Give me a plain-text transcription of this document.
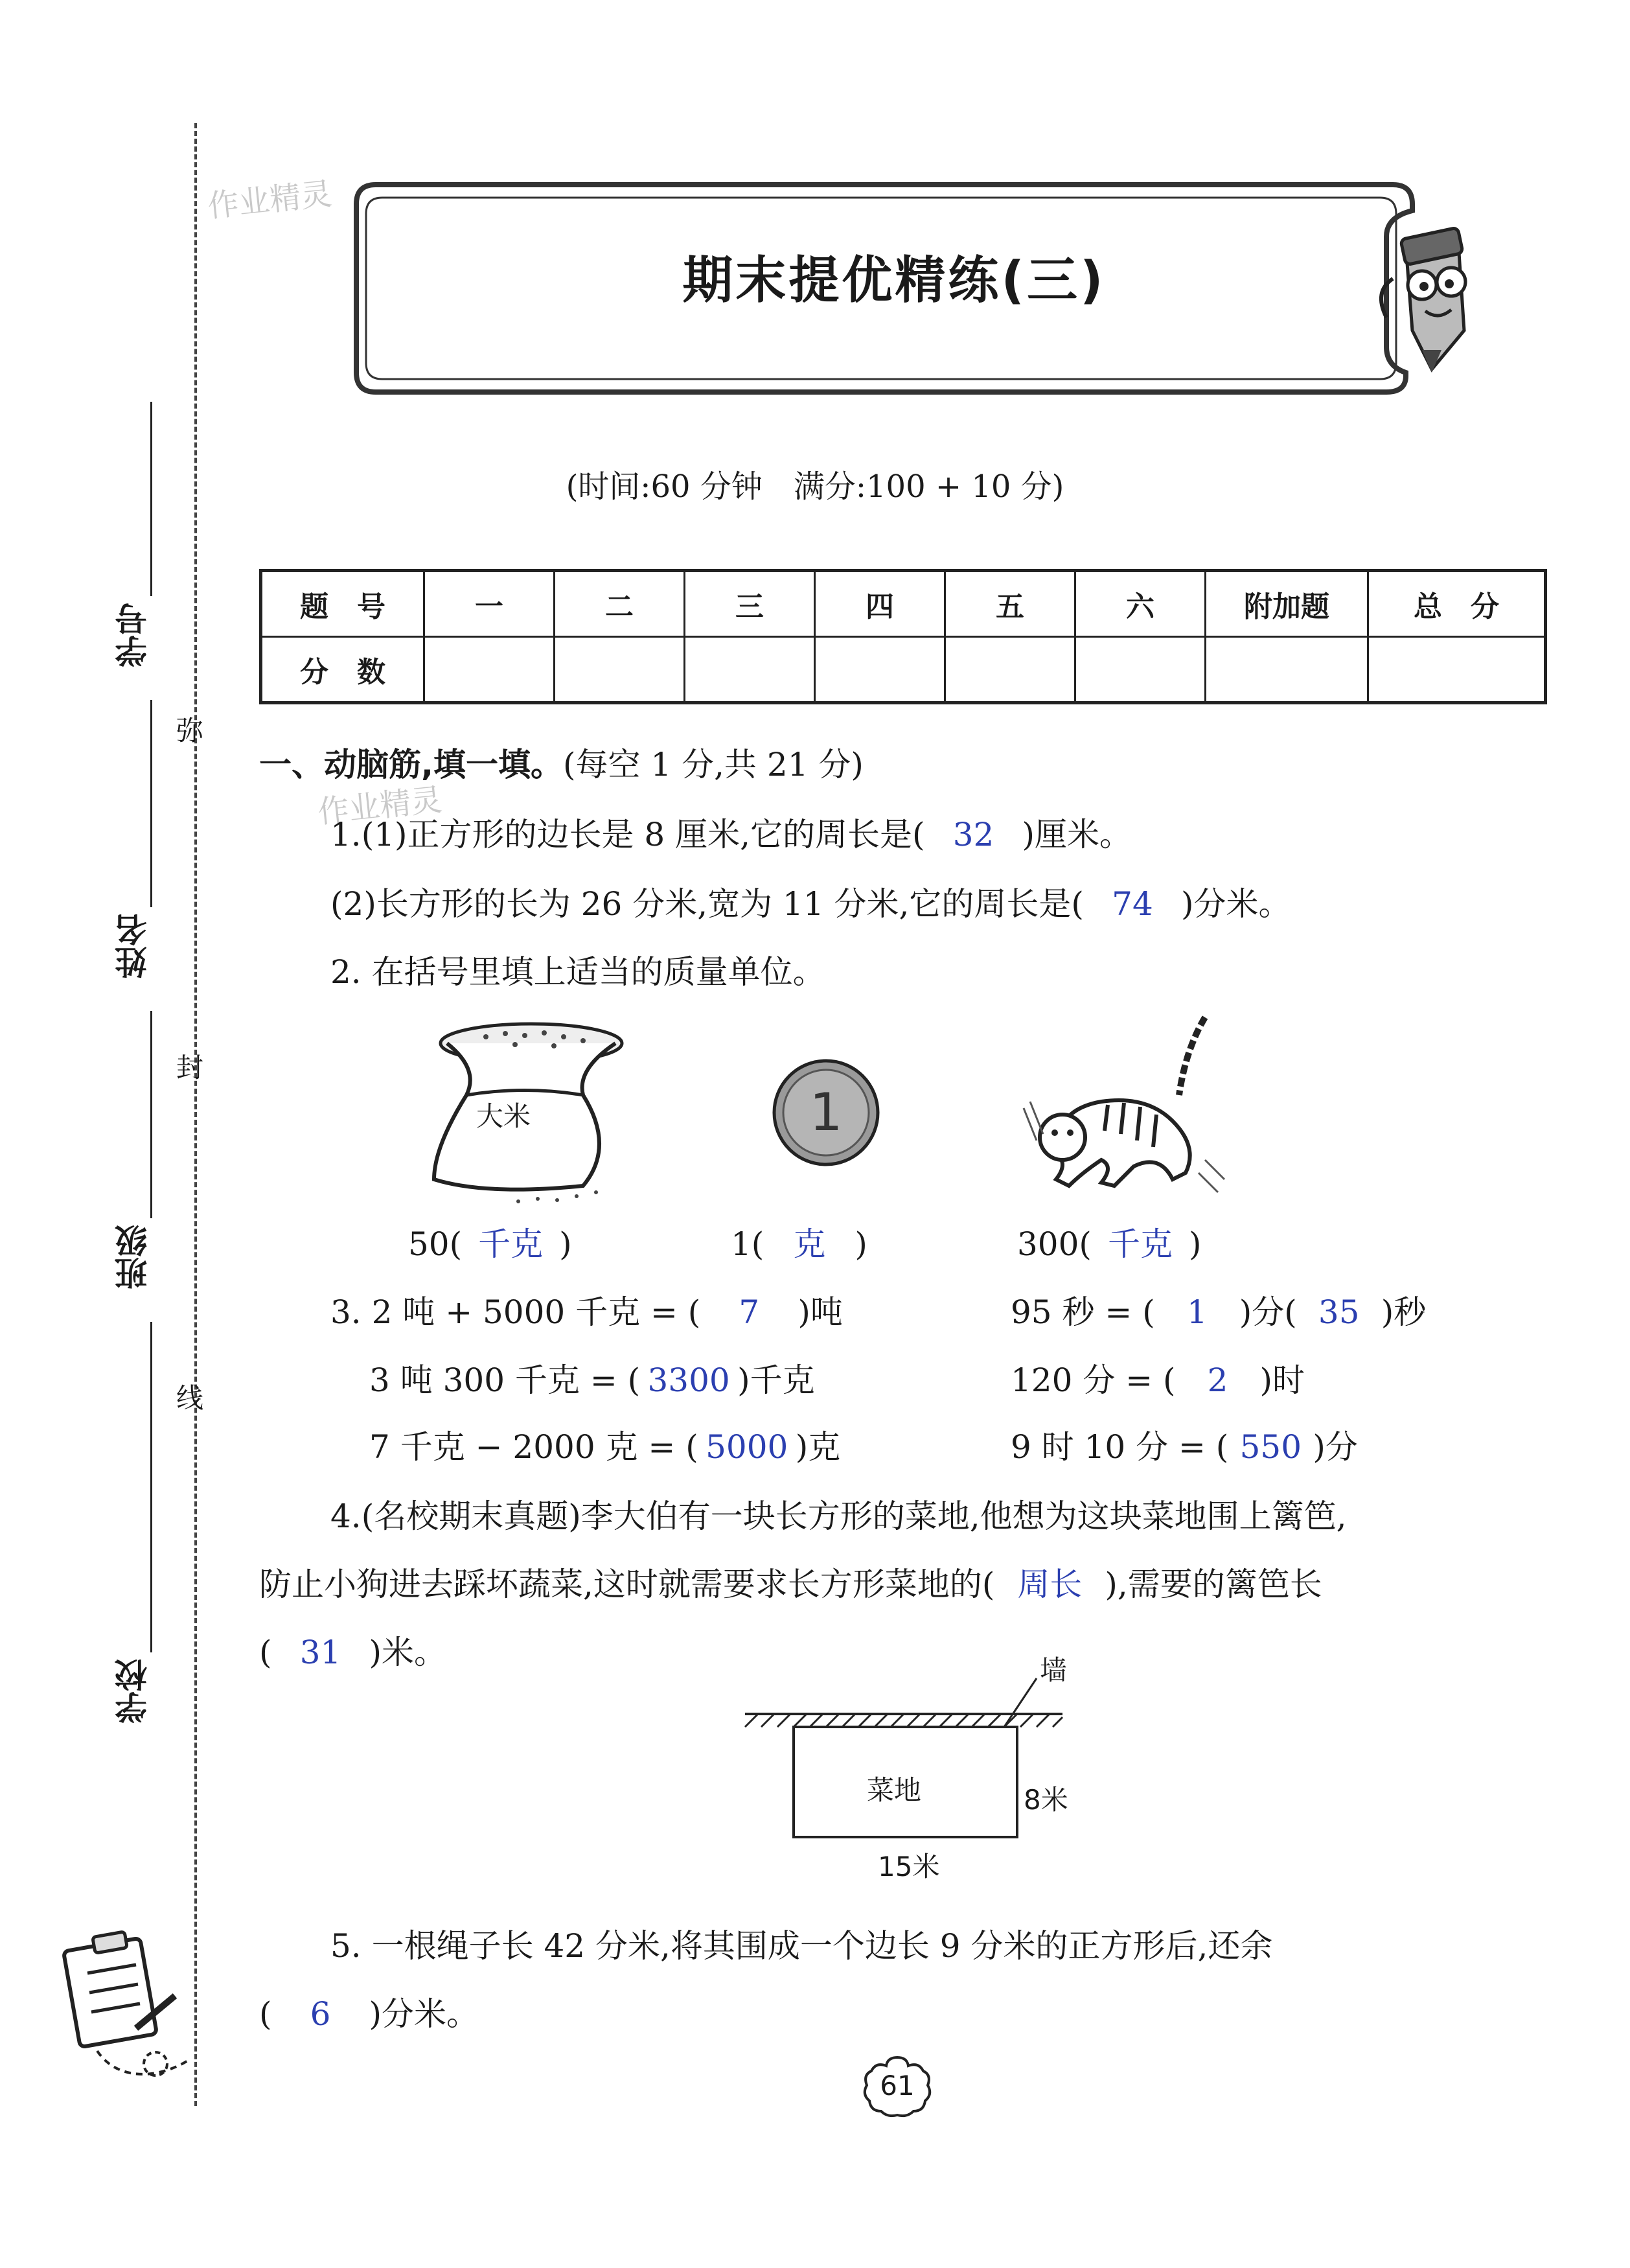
作业精灵
作业精灵
学号
姓名
班级
学校
弥
封
线
期末提优精练(三)
(时间:60 分钟　满分:100 + 10 分)
题　号	一	二	三	四	五	六	附加题	总　分
分　数								
一、动脑筋,填一填。(每空 1 分,共 21 分)
1.(1)正方形的边长是 8 厘米,它的周长是( 32 )厘米。
(2)长方形的长为 26 分米,宽为 11 分米,它的周长是( 74 )分米。
2. 在括号里填上适当的质量单位。
大米	1
50( 千克 )	1( 克 )	300( 千克 )
3. 2 吨 + 5000 千克 = ( 7 )吨
3 吨 300 千克 = ( 3300 )千克
7 千克 − 2000 克 = ( 5000 )克
95 秒 = ( 1 )分( 35 )秒
120 分 = ( 2 )时
9 时 10 分 = ( 550 )分
4.(名校期末真题)李大伯有一块长方形的菜地,他想为这块菜地围上篱笆,
防止小狗进去踩坏蔬菜,这时就需要求长方形菜地的( 周长 ),需要的篱笆长
( 31 )米。	墙
菜地	8米
15米
5. 一根绳子长 42 分米,将其围成一个边长 9 分米的正方形后,还余
( 6 )分米。
61
